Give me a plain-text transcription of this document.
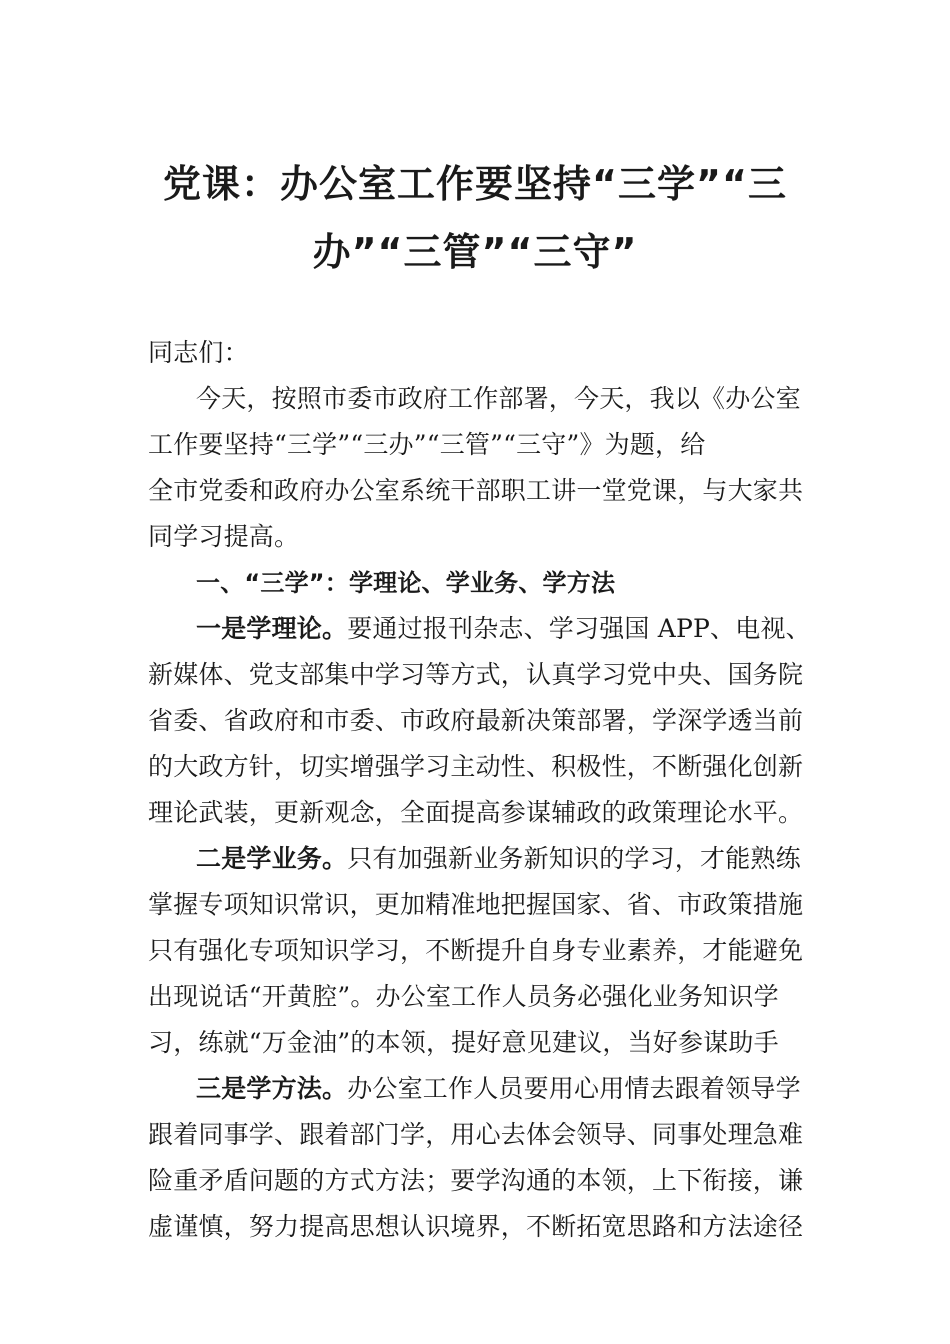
党课：办公室工作要坚持“三学”“三
办”“三管”“三守”
同志们：
今天，按照市委市政府工作部署，今天，我以《办公室
工作要坚持“三学”“三办”“三管”“三守”》为题，给
全市党委和政府办公室系统干部职工讲一堂党课，与大家共
同学习提高。
一、“三学”：学理论、学业务、学方法
一是学理论。要通过报刊杂志、学习强国 APP、电视、
新媒体、党支部集中学习等方式，认真学习党中央、国务院
省委、省政府和市委、市政府最新决策部署，学深学透当前
的大政方针，切实增强学习主动性、积极性，不断强化创新
理论武装，更新观念，全面提高参谋辅政的政策理论水平。
二是学业务。只有加强新业务新知识的学习，才能熟练
掌握专项知识常识，更加精准地把握国家、省、市政策措施
只有强化专项知识学习，不断提升自身专业素养，才能避免
出现说话“开黄腔”。办公室工作人员务必强化业务知识学
习，练就“万金油”的本领，提好意见建议，当好参谋助手
三是学方法。办公室工作人员要用心用情去跟着领导学
跟着同事学、跟着部门学，用心去体会领导、同事处理急难
险重矛盾问题的方式方法；要学沟通的本领，上下衔接，谦
虚谨慎，努力提高思想认识境界，不断拓宽思路和方法途径
